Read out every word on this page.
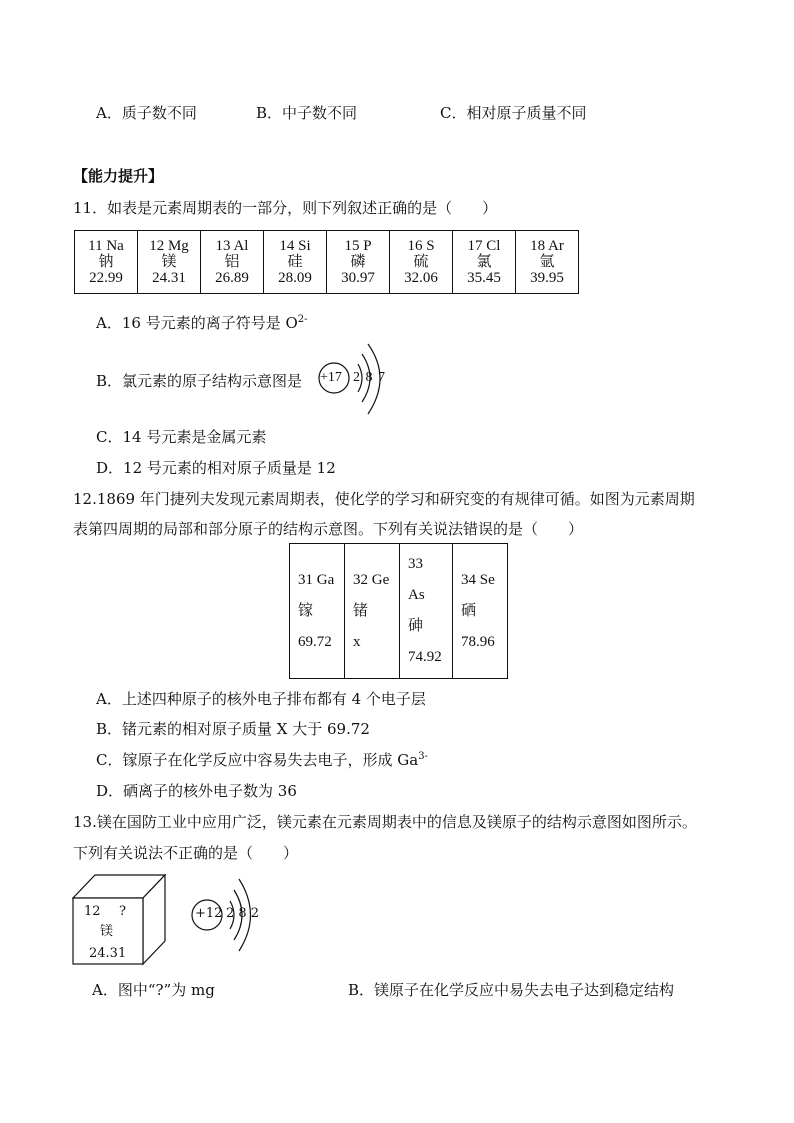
A．质子数不同	B．中子数不同	C．相对原子质量不同
【能力提升】
11．如表是元素周期表的一部分，则下列叙述正确的是（　　）
11 Na
钠
22.99

12 Mg
镁
24.31

13 Al
铝
26.89

14 Si
硅
28.09

15 P
磷
30.97

16 S
硫
32.06

17 Cl
氯
35.45

18 Ar
氩
39.95
A．16 号元素的离子符号是 $O^{2-}$
B．氯元素的原子结构示意图是 +17 2 8 7
C．14 号元素是金属元素
D．12 号元素的相对原子质量是 12
12.1869 年门捷列夫发现元素周期表，使化学的学习和研究变的有规律可循。如图为元素周期
表第四周期的局部和部分原子的结构示意图。下列有关说法错误的是（　　）
31 Ga
镓
69.72

32 Ge
锗
x

33
As
砷
74.92

34 Se
硒
78.96
A．上述四种原子的核外电子排布都有 4 个电子层
B．锗元素的相对原子质量 X 大于 69.72
C．镓原子在化学反应中容易失去电子，形成 $Ga^{3-}$
D．硒离子的核外电子数为 36
13.镁在国防工业中应用广泛，镁元素在元素周期表中的信息及镁原子的结构示意图如图所示。
下列有关说法不正确的是（　　）
12 ?
镁
24.31
+12 2 8 2
A．图中“?”为 mg	B．镁原子在化学反应中易失去电子达到稳定结构
